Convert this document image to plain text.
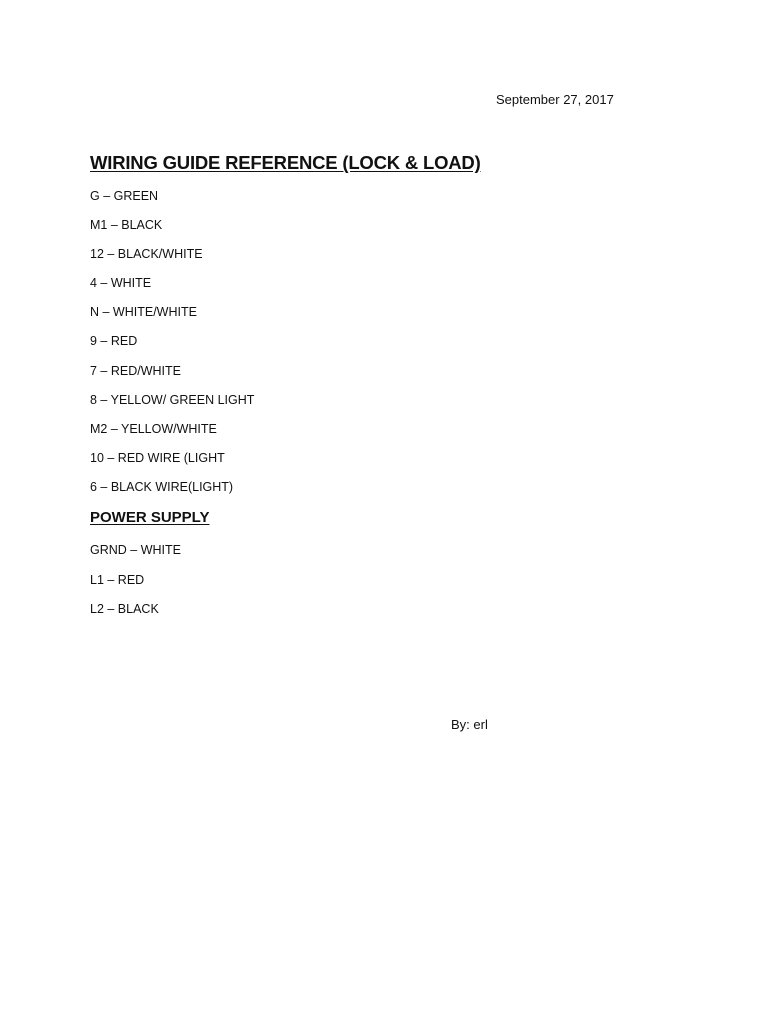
September 27, 2017
WIRING GUIDE REFERENCE (LOCK & LOAD)
G – GREEN
M1 – BLACK
12 – BLACK/WHITE
4 – WHITE
N – WHITE/WHITE
9 – RED
7 – RED/WHITE
8 – YELLOW/ GREEN LIGHT
M2 – YELLOW/WHITE
10 – RED WIRE (LIGHT
6 – BLACK WIRE(LIGHT)
POWER SUPPLY
GRND – WHITE
L1 – RED
L2 – BLACK
By: erl
